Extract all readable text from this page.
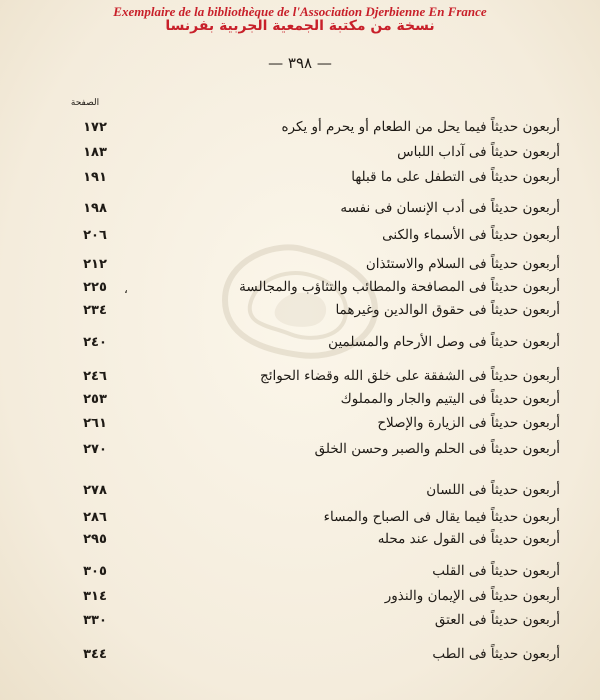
Exemplaire de la bibliothèque de l'Association Djerbienne En France
نسخة من مكتبة الجمعية الجربية بفرنسا
— ٣٩٨ —
الصفحة
،
أربعون حديثاً فيما يحل من الطعام أو يحرم أو يكره
١٧٢
أربعون حديثاً فى آداب اللباس
١٨٣
أربعون حديثاً فى التطفل على ما قبلها
١٩١
أربعون حديثاً فى أدب الإنسان فى نفسه
١٩٨
أربعون حديثاً فى الأسماء والكنى
٢٠٦
أربعون حديثاً فى السلام والاستئذان
٢١٢
أربعون حديثاً فى المصافحة والمطائب والتثاؤب والمجالسة
٢٢٥
أربعون حديثاً فى حقوق الوالدين وغيرهما
٢٣٤
أربعون حديثاً فى وصل الأرحام والمسلمين
٢٤٠
أربعون حديثاً فى الشفقة على خلق الله وقضاء الحوائج
٢٤٦
أربعون حديثاً فى اليتيم والجار والمملوك
٢٥٣
أربعون حديثاً فى الزيارة والإصلاح
٢٦١
أربعون حديثاً فى الحلم والصبر وحسن الخلق
٢٧٠
أربعون حديثاً فى اللسان
٢٧٨
أربعون حديثاً فيما يقال فى الصباح والمساء
٢٨٦
أربعون حديثاً فى القول عند محله
٢٩٥
أربعون حديثاً فى القلب
٣٠٥
أربعون حديثاً فى الإيمان والنذور
٣١٤
أربعون حديثاً فى العتق
٣٣٠
أربعون حديثاً فى الطب
٣٤٤
